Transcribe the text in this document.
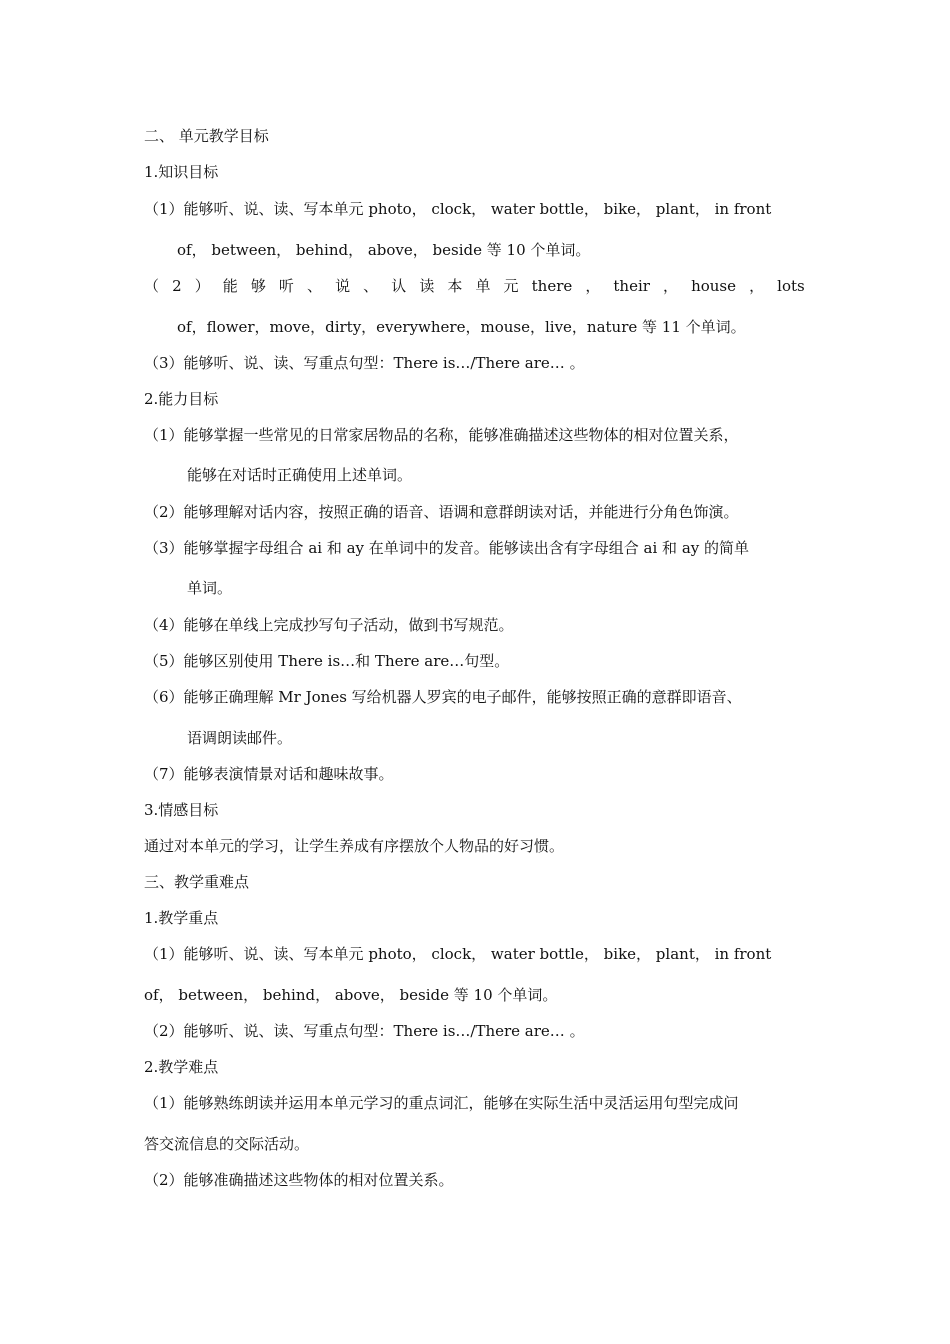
二、 单元教学目标
1.知识目标
（1）能够听、说、读、写本单元 photo， clock， water bottle， bike， plant， in front
of， between， behind， above， beside 等 10 个单词。
（ 2 ） 能 够 听 、 说 、 认 读 本 单 元 there ， their ， house ， lots
of，flower，move，dirty，everywhere，mouse，live，nature 等 11 个单词。
（3）能够听、说、读、写重点句型：There is…/There are… 。
2.能力目标
（1）能够掌握一些常见的日常家居物品的名称，能够准确描述这些物体的相对位置关系，
能够在对话时正确使用上述单词。
（2）能够理解对话内容，按照正确的语音、语调和意群朗读对话，并能进行分角色饰演。
（3）能够掌握字母组合 ai 和 ay 在单词中的发音。能够读出含有字母组合 ai 和 ay 的简单
单词。
（4）能够在单线上完成抄写句子活动，做到书写规范。
（5）能够区别使用 There is…和 There are…句型。
（6）能够正确理解 Mr Jones 写给机器人罗宾的电子邮件，能够按照正确的意群即语音、
语调朗读邮件。
（7）能够表演情景对话和趣味故事。
3.情感目标
通过对本单元的学习，让学生养成有序摆放个人物品的好习惯。
三、教学重难点
1.教学重点
（1）能够听、说、读、写本单元 photo， clock， water bottle， bike， plant， in front
of， between， behind， above， beside 等 10 个单词。
（2）能够听、说、读、写重点句型：There is…/There are… 。
2.教学难点
（1）能够熟练朗读并运用本单元学习的重点词汇，能够在实际生活中灵活运用句型完成问
答交流信息的交际活动。
（2）能够准确描述这些物体的相对位置关系。
